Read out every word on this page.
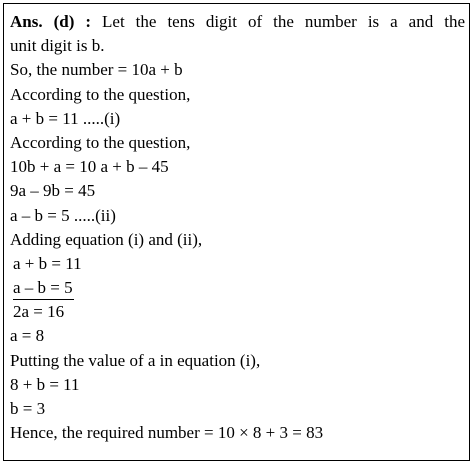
Ans. (d) : Let the tens digit of the number is a and the
unit digit is b.
So, the number = 10a + b
According to the question,
a + b = 11 .....(i)
According to the question,
10b + a = 10 a + b – 45
9a – 9b = 45
a – b = 5 .....(ii)
Adding equation (i) and (ii),
a + b = 11
a – b = 5
2a = 16
a = 8
Putting the value of a in equation (i),
8 + b = 11
b = 3
Hence, the required number = 10 × 8 + 3 = 83
